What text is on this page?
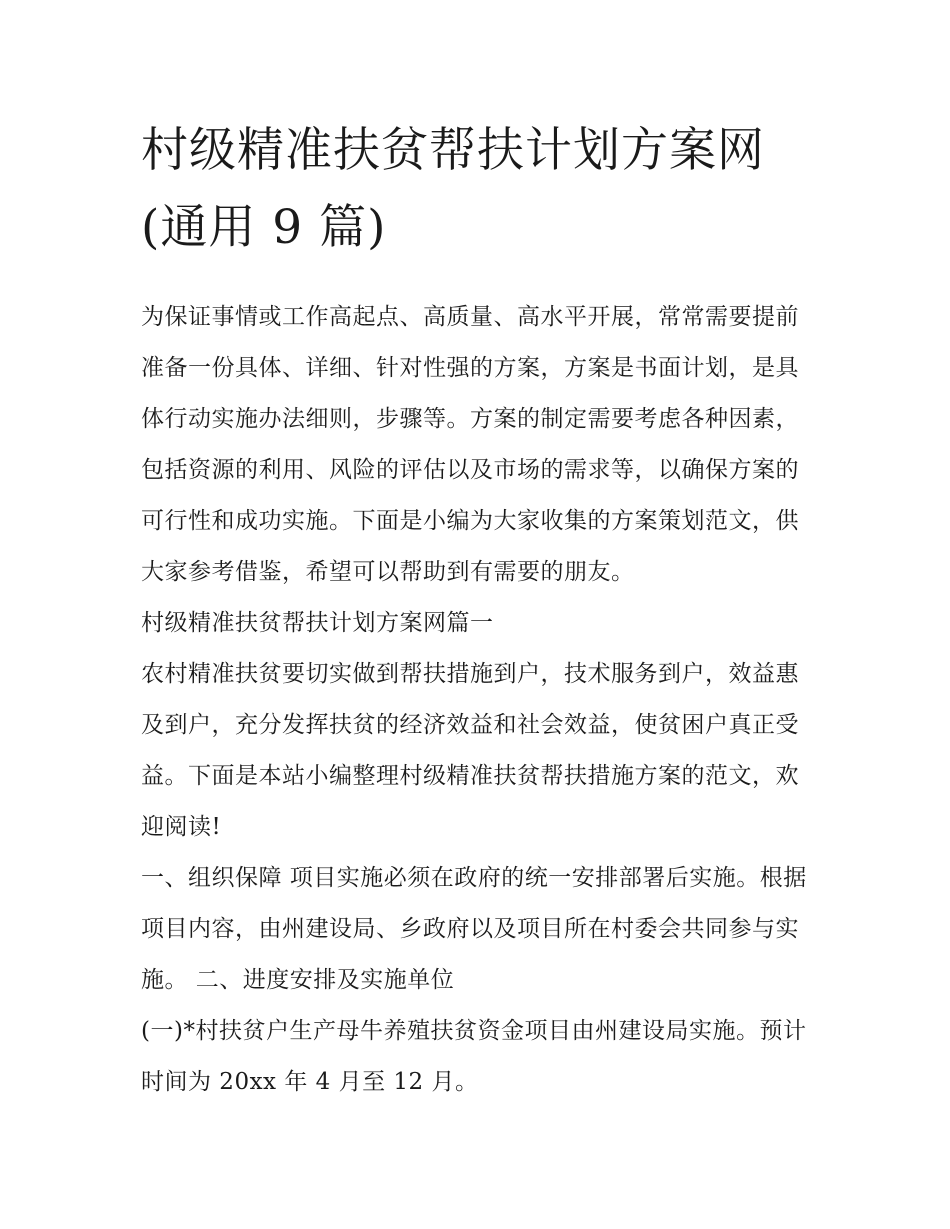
村级精准扶贫帮扶计划方案网
(通用 9 篇)

为保证事情或工作高起点、高质量、高水平开展，常常需要提前准备一份具体、详细、针对性强的方案，方案是书面计划，是具体行动实施办法细则，步骤等。方案的制定需要考虑各种因素，包括资源的利用、风险的评估以及市场的需求等，以确保方案的可行性和成功实施。下面是小编为大家收集的方案策划范文，供大家参考借鉴，希望可以帮助到有需要的朋友。

村级精准扶贫帮扶计划方案网篇一

农村精准扶贫要切实做到帮扶措施到户，技术服务到户，效益惠及到户，充分发挥扶贫的经济效益和社会效益，使贫困户真正受益。下面是本站小编整理村级精准扶贫帮扶措施方案的范文，欢迎阅读!

一、组织保障 项目实施必须在政府的统一安排部署后实施。根据项目内容，由州建设局、乡政府以及项目所在村委会共同参与实施。 二、进度安排及实施单位

(一)*村扶贫户生产母牛养殖扶贫资金项目由州建设局实施。预计时间为 20xx 年 4 月至 12 月。
